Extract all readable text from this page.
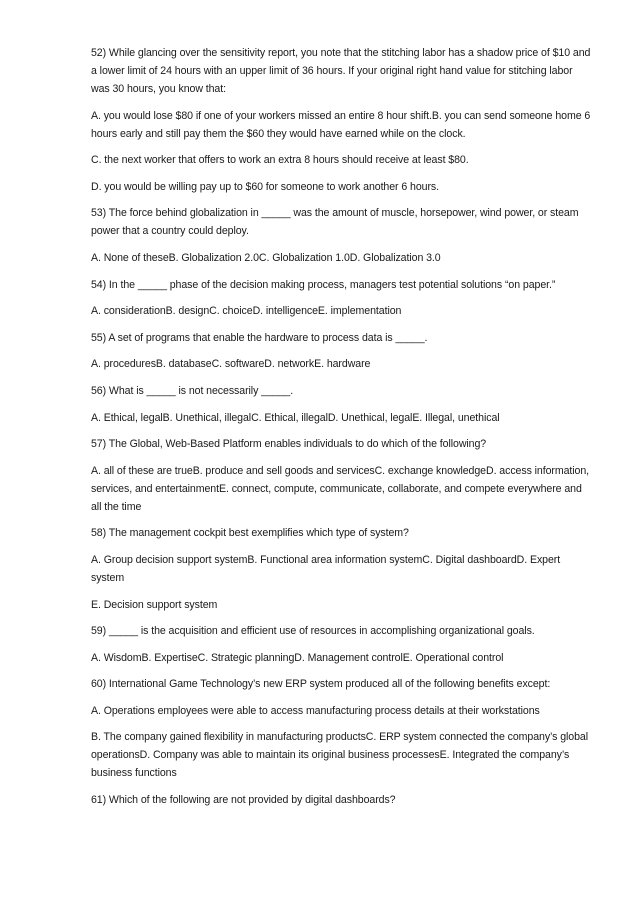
52) While glancing over the sensitivity report, you note that the stitching labor has a shadow price of $10 and a lower limit of 24 hours with an upper limit of 36 hours. If your original right hand value for stitching labor was 30 hours, you know that:

A. you would lose $80 if one of your workers missed an entire 8 hour shift.B. you can send someone home 6 hours early and still pay them the $60 they would have earned while on the clock.

C. the next worker that offers to work an extra 8 hours should receive at least $80.

D. you would be willing pay up to $60 for someone to work another 6 hours.

53) The force behind globalization in _____ was the amount of muscle, horsepower, wind power, or steam power that a country could deploy.

A. None of theseB. Globalization 2.0C. Globalization 1.0D. Globalization 3.0

54) In the _____ phase of the decision making process, managers test potential solutions “on paper.”

A. considerationB. designC. choiceD. intelligenceE. implementation

55) A set of programs that enable the hardware to process data is _____.

A. proceduresB. databaseC. softwareD. networkE. hardware

56) What is _____ is not necessarily _____.

A. Ethical, legalB. Unethical, illegalC. Ethical, illegalD. Unethical, legalE. Illegal, unethical

57) The Global, Web-Based Platform enables individuals to do which of the following?

A. all of these are trueB. produce and sell goods and servicesC. exchange knowledgeD. access information, services, and entertainmentE. connect, compute, communicate, collaborate, and compete everywhere and all the time

58) The management cockpit best exemplifies which type of system?

A. Group decision support systemB. Functional area information systemC. Digital dashboardD. Expert system

E. Decision support system

59) _____ is the acquisition and efficient use of resources in accomplishing organizational goals.

A. WisdomB. ExpertiseC. Strategic planningD. Management controlE. Operational control

60) International Game Technology’s new ERP system produced all of the following benefits except:

A. Operations employees were able to access manufacturing process details at their workstations

B. The company gained flexibility in manufacturing productsC. ERP system connected the company’s global operationsD. Company was able to maintain its original business processesE. Integrated the company’s business functions

61) Which of the following are not provided by digital dashboards?
